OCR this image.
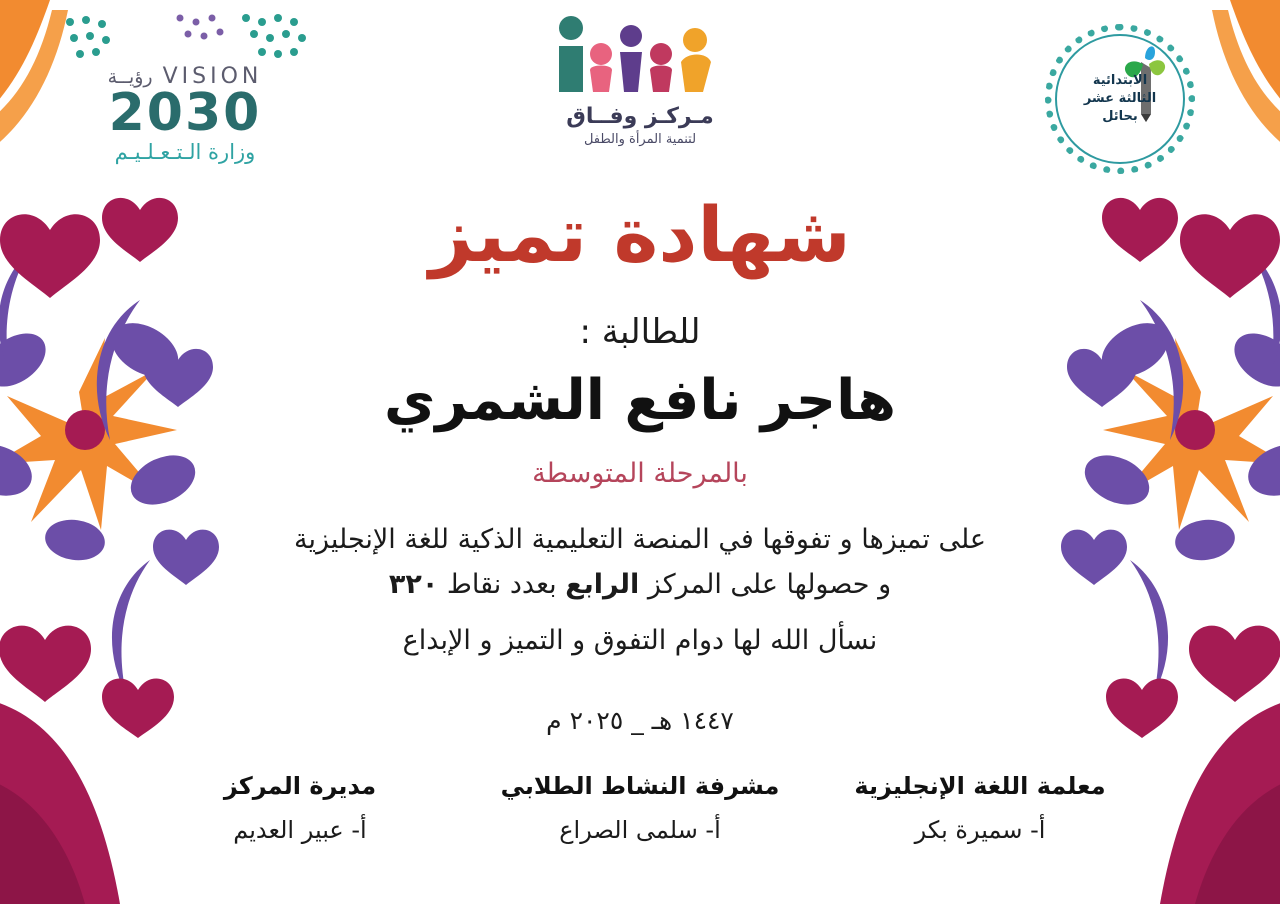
الابتدائية
الثالثة عشر
بحائل
مـركـز وفــاق
لتنمية المرأة والطفل
VISION
رؤيــة
2030
وزارة الـتـعـلـيـم
شهادة تميز
للطالبة :
هاجر نافع الشمري
بالمرحلة المتوسطة
على تميزها و تفوقها في المنصة التعليمية الذكية للغة الإنجليزية
و حصولها على المركز الرابع بعدد نقاط ٣٢٠
نسأل الله لها دوام التفوق و التميز و الإبداع
١٤٤٧ هـ _ ٢٠٢٥ م
معلمة اللغة الإنجليزية
أ- سميرة بكر
مشرفة النشاط الطلابي
أ- سلمى الصراع
مديرة المركز
أ- عبير العديم
